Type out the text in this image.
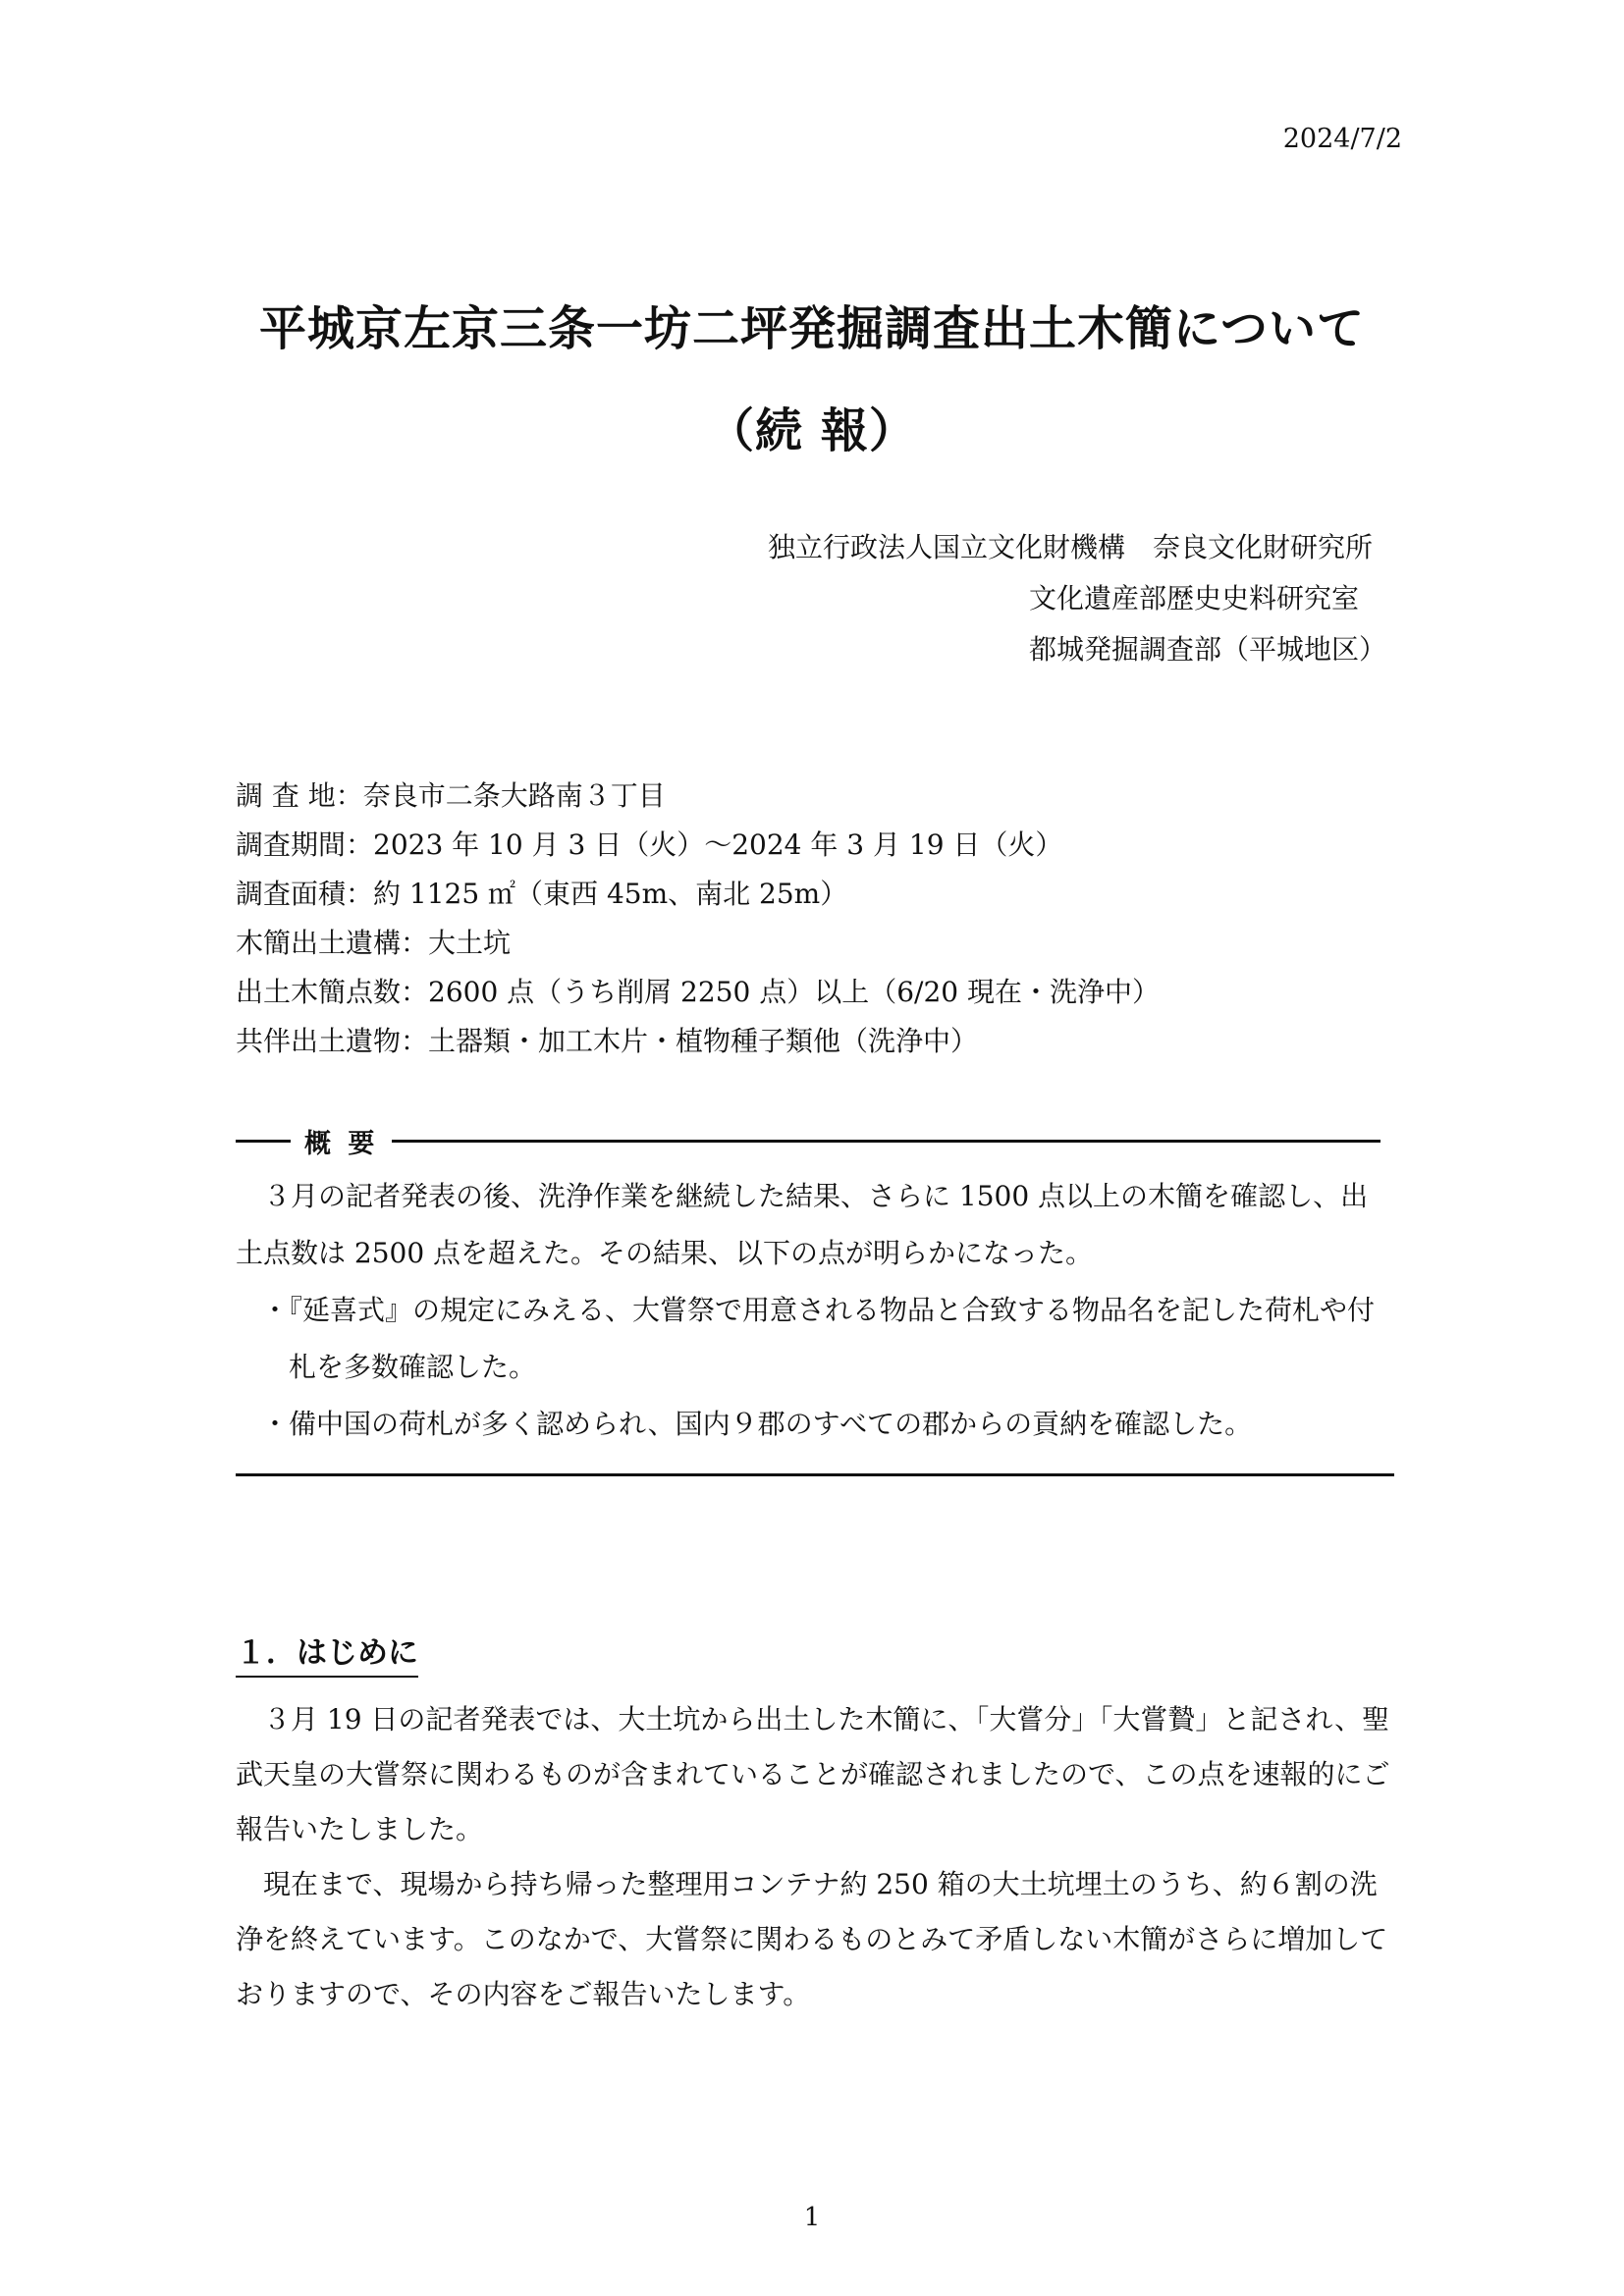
2024/7/2
平城京左京三条一坊二坪発掘調査出土木簡について
（続 報）
独立行政法人国立文化財機構　奈良文化財研究所
文化遺産部歴史史料研究室
都城発掘調査部（平城地区）
調 査 地：奈良市二条大路南３丁目
調査期間：2023 年 10 月 3 日（火）～2024 年 3 月 19 日（火）
調査面積：約 1125 ㎡（東西 45m、南北 25m）
木簡出土遺構：大土坑
出土木簡点数：2600 点（うち削屑 2250 点）以上（6/20 現在・洗浄中）
共伴出土遺物：土器類・加工木片・植物種子類他（洗浄中）
概 要

３月の記者発表の後、洗浄作業を継続した結果、さらに 1500 点以上の木簡を確認し、出土点数は 2500 点を超えた。その結果、以下の点が明らかになった。

・『延喜式』の規定にみえる、大嘗祭で用意される物品と合致する物品名を記した荷札や付札を多数確認した。

・備中国の荷札が多く認められ、国内９郡のすべての郡からの貢納を確認した。

１．はじめに

３月 19 日の記者発表では、大土坑から出土した木簡に、「大嘗分」「大嘗贄」と記され、聖武天皇の大嘗祭に関わるものが含まれていることが確認されましたので、この点を速報的にご報告いたしました。

現在まで、現場から持ち帰った整理用コンテナ約 250 箱の大土坑埋土のうち、約６割の洗浄を終えています。このなかで、大嘗祭に関わるものとみて矛盾しない木簡がさらに増加しておりますので、その内容をご報告いたします。

1
